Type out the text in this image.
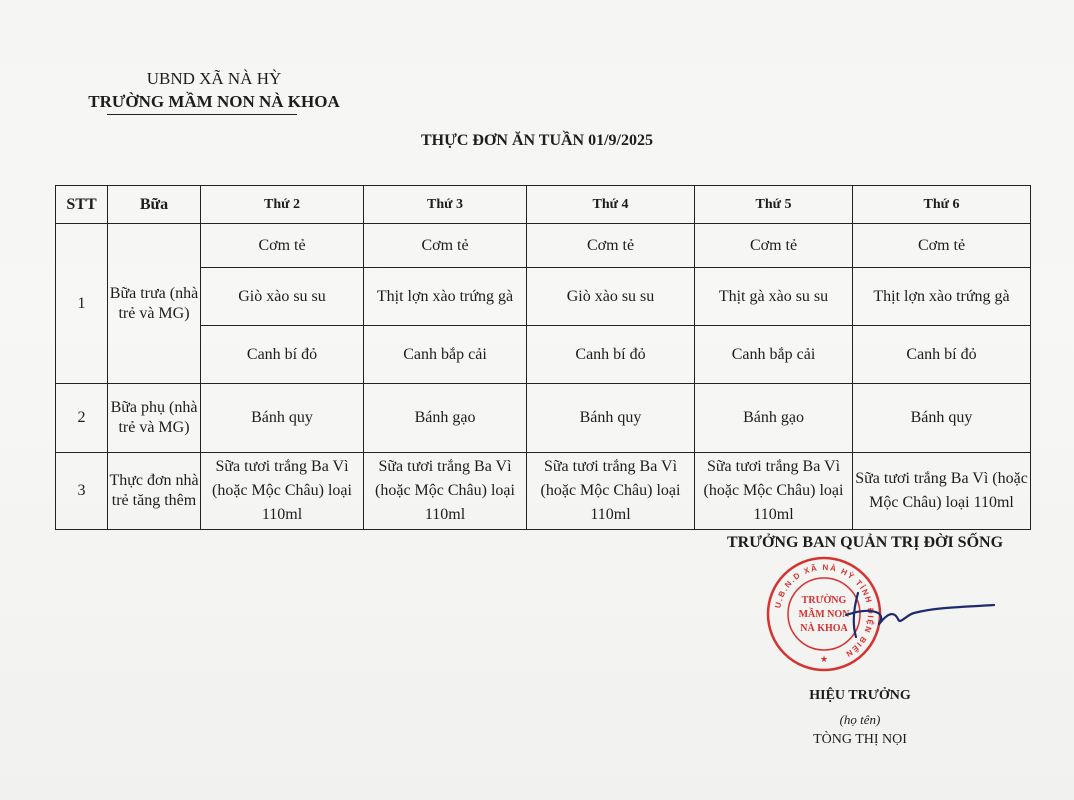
UBND XÃ NÀ HỲ
TRƯỜNG MẦM NON NÀ KHOA
THỰC ĐƠN ĂN TUẦN 01/9/2025
STT	Bữa	Thứ 2	Thứ 3	Thứ 4	Thứ 5	Thứ 6
1	Bữa trưa (nhà trẻ và MG)	Cơm tẻ	Cơm tẻ	Cơm tẻ	Cơm tẻ	Cơm tẻ
		Giò xào su su	Thịt lợn xào trứng gà	Giò xào su su	Thịt gà xào su su	Thịt lợn xào trứng gà
		Canh bí đỏ	Canh bắp cải	Canh bí đỏ	Canh bắp cải	Canh bí đỏ
2	Bữa phụ (nhà trẻ và MG)	Bánh quy	Bánh gạo	Bánh quy	Bánh gạo	Bánh quy
3	Thực đơn nhà trẻ tăng thêm	Sữa tươi trắng Ba Vì (hoặc Mộc Châu) loại 110ml	Sữa tươi trắng Ba Vì (hoặc Mộc Châu) loại 110ml	Sữa tươi trắng Ba Vì (hoặc Mộc Châu) loại 110ml	Sữa tươi trắng Ba Vì (hoặc Mộc Châu) loại 110ml	Sữa tươi trắng Ba Vì (hoặc Mộc Châu) loại 110ml
TRƯỞNG BAN QUẢN TRỊ ĐỜI SỐNG
U.B.N.D XÃ NÀ HỲ TỈNH ĐIỆN BIÊN
TRƯỜNG
MẦM NON
NÀ KHOA
★
HIỆU TRƯỞNG
(họ tên)
TÒNG THỊ NỌI
